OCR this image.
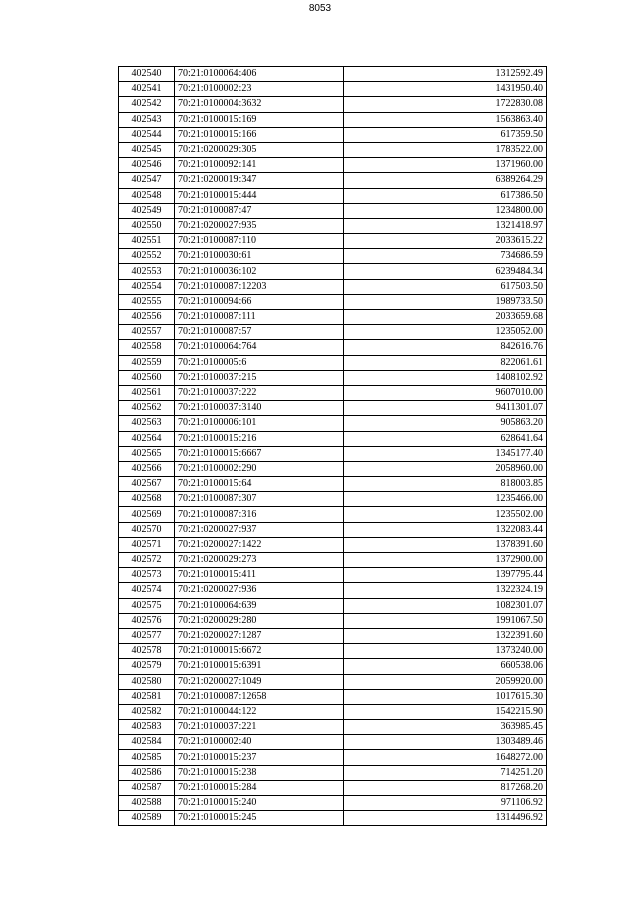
8053
402540	70:21:0100064:406	1312592.49
402541	70:21:0100002:23	1431950.40
402542	70:21:0100004:3632	1722830.08
402543	70:21:0100015:169	1563863.40
402544	70:21:0100015:166	617359.50
402545	70:21:0200029:305	1783522.00
402546	70:21:0100092:141	1371960.00
402547	70:21:0200019:347	6389264.29
402548	70:21:0100015:444	617386.50
402549	70:21:0100087:47	1234800.00
402550	70:21:0200027:935	1321418.97
402551	70:21:0100087:110	2033615.22
402552	70:21:0100030:61	734686.59
402553	70:21:0100036:102	6239484.34
402554	70:21:0100087:12203	617503.50
402555	70:21:0100094:66	1989733.50
402556	70:21:0100087:111	2033659.68
402557	70:21:0100087:57	1235052.00
402558	70:21:0100064:764	842616.76
402559	70:21:0100005:6	822061.61
402560	70:21:0100037:215	1408102.92
402561	70:21:0100037:222	9607010.00
402562	70:21:0100037:3140	9411301.07
402563	70:21:0100006:101	905863.20
402564	70:21:0100015:216	628641.64
402565	70:21:0100015:6667	1345177.40
402566	70:21:0100002:290	2058960.00
402567	70:21:0100015:64	818003.85
402568	70:21:0100087:307	1235466.00
402569	70:21:0100087:316	1235502.00
402570	70:21:0200027:937	1322083.44
402571	70:21:0200027:1422	1378391.60
402572	70:21:0200029:273	1372900.00
402573	70:21:0100015:411	1397795.44
402574	70:21:0200027:936	1322324.19
402575	70:21:0100064:639	1082301.07
402576	70:21:0200029:280	1991067.50
402577	70:21:0200027:1287	1322391.60
402578	70:21:0100015:6672	1373240.00
402579	70:21:0100015:6391	660538.06
402580	70:21:0200027:1049	2059920.00
402581	70:21:0100087:12658	1017615.30
402582	70:21:0100044:122	1542215.90
402583	70:21:0100037:221	363985.45
402584	70:21:0100002:40	1303489.46
402585	70:21:0100015:237	1648272.00
402586	70:21:0100015:238	714251.20
402587	70:21:0100015:284	817268.20
402588	70:21:0100015:240	971106.92
402589	70:21:0100015:245	1314496.92
